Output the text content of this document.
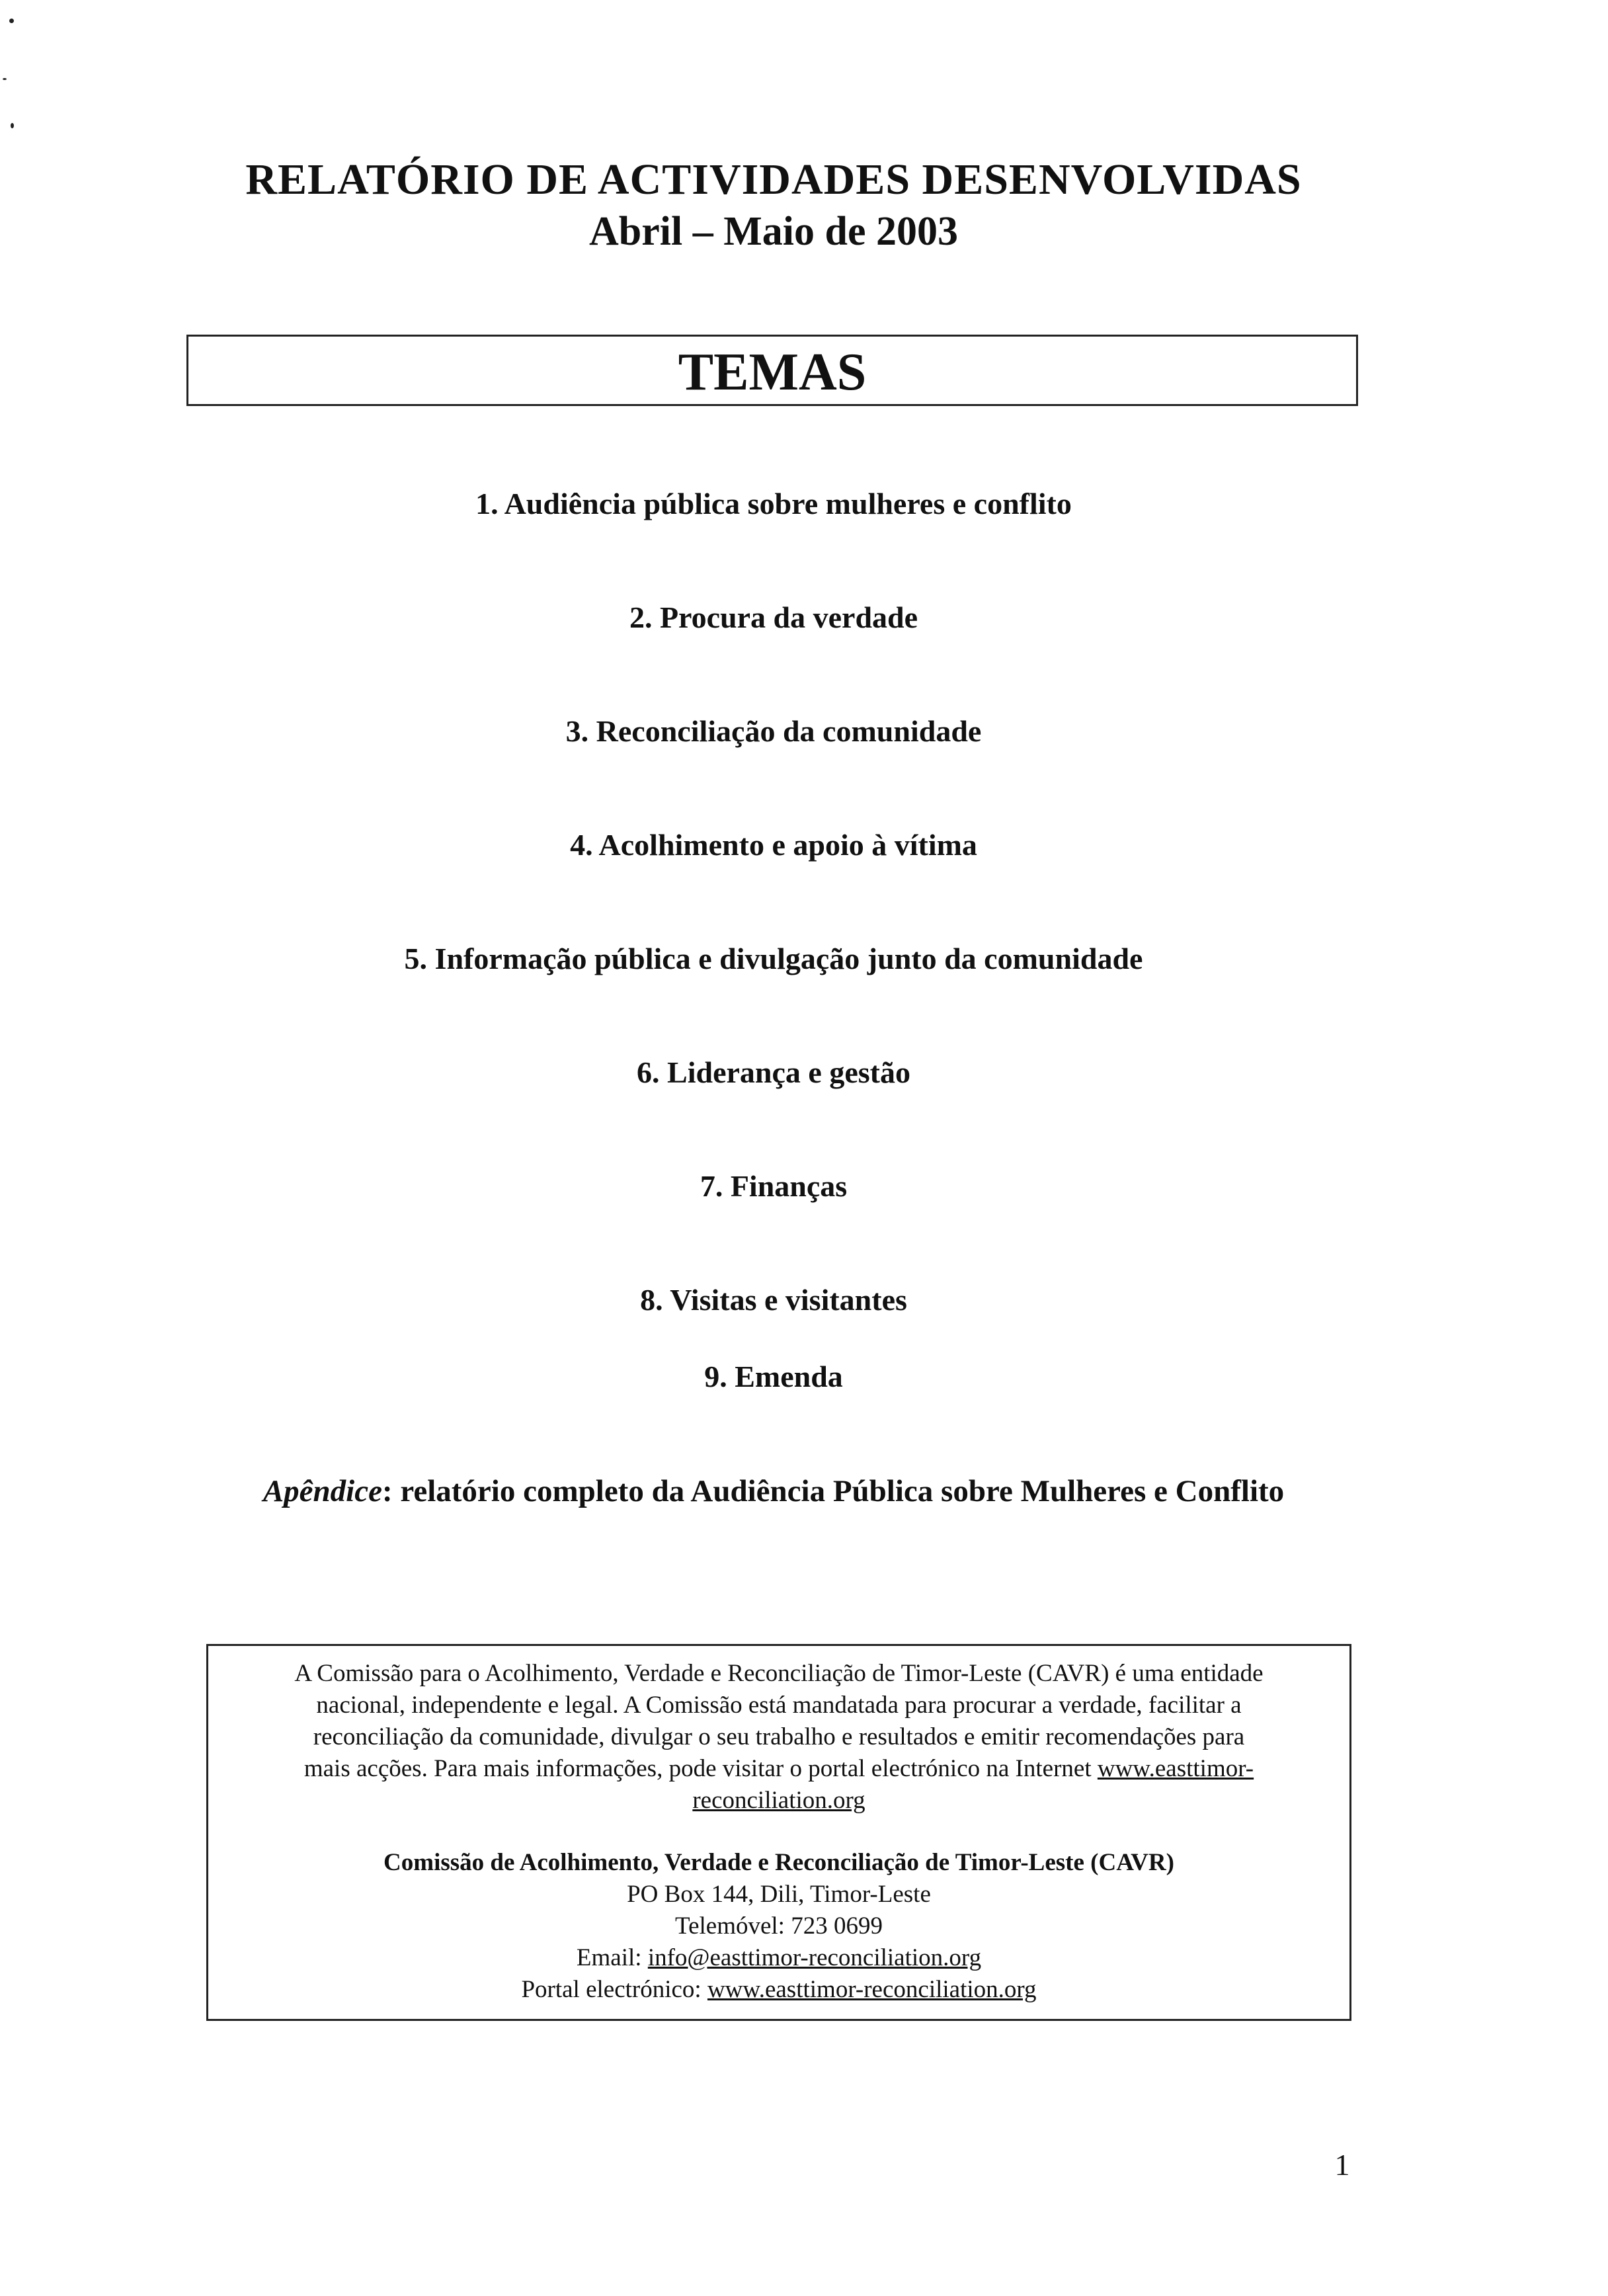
RELATÓRIO DE ACTIVIDADES DESENVOLVIDAS
Abril – Maio de 2003
TEMAS
1. Audiência pública sobre mulheres e conflito
2. Procura da verdade
3. Reconciliação da comunidade
4. Acolhimento e apoio à vítima
5. Informação pública e divulgação junto da comunidade
6. Liderança e gestão
7. Finanças
8. Visitas e visitantes
9. Emenda
Apêndice: relatório completo da Audiência Pública sobre Mulheres e Conflito

A Comissão para o Acolhimento, Verdade e Reconciliação de Timor-Leste (CAVR) é uma entidade

nacional, independente e legal. A Comissão está mandatada para procurar a verdade, facilitar a

reconciliação da comunidade, divulgar o seu trabalho e resultados e emitir recomendações para

mais acções. Para mais informações, pode visitar o portal electrónico na Internet www.easttimor-

reconciliation.org

Comissão de Acolhimento, Verdade e Reconciliação de Timor-Leste (CAVR)
PO Box 144, Dili, Timor-Leste
Telemóvel: 723 0699
Email: info@easttimor-reconciliation.org
Portal electrónico: www.easttimor-reconciliation.org
1
